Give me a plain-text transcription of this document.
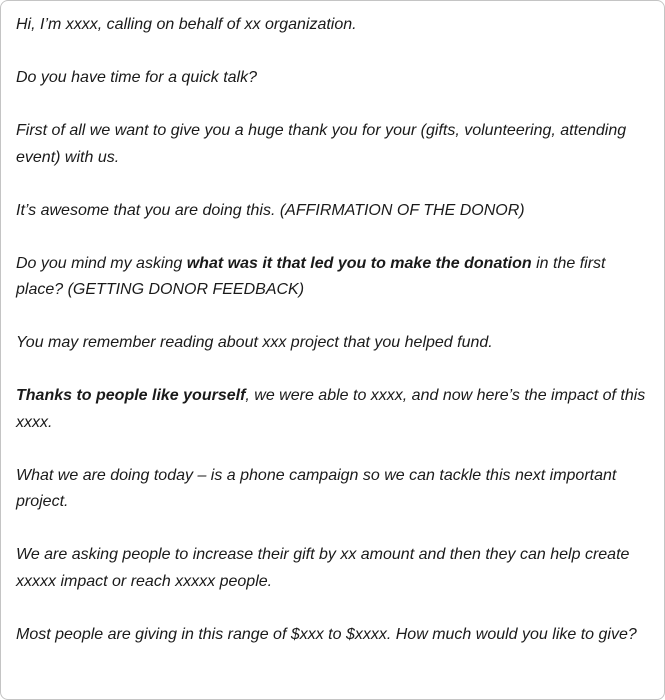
Hi, I’m xxxx, calling on behalf of xx organization.

Do you have time for a quick talk?

First of all we want to give you a huge thank you for your (gifts, volunteering, attending event) with us.

It’s awesome that you are doing this. (AFFIRMATION OF THE DONOR)

Do you mind my asking what was it that led you to make the donation in the first place? (GETTING DONOR FEEDBACK)

You may remember reading about xxx project that you helped fund.

Thanks to people like yourself, we were able to xxxx, and now here’s the impact of this xxxx.

What we are doing today – is a phone campaign so we can tackle this next important project.

We are asking people to increase their gift by xx amount and then they can help create xxxxx impact or reach xxxxx people.

Most people are giving in this range of $xxx to $xxxx. How much would you like to give?
